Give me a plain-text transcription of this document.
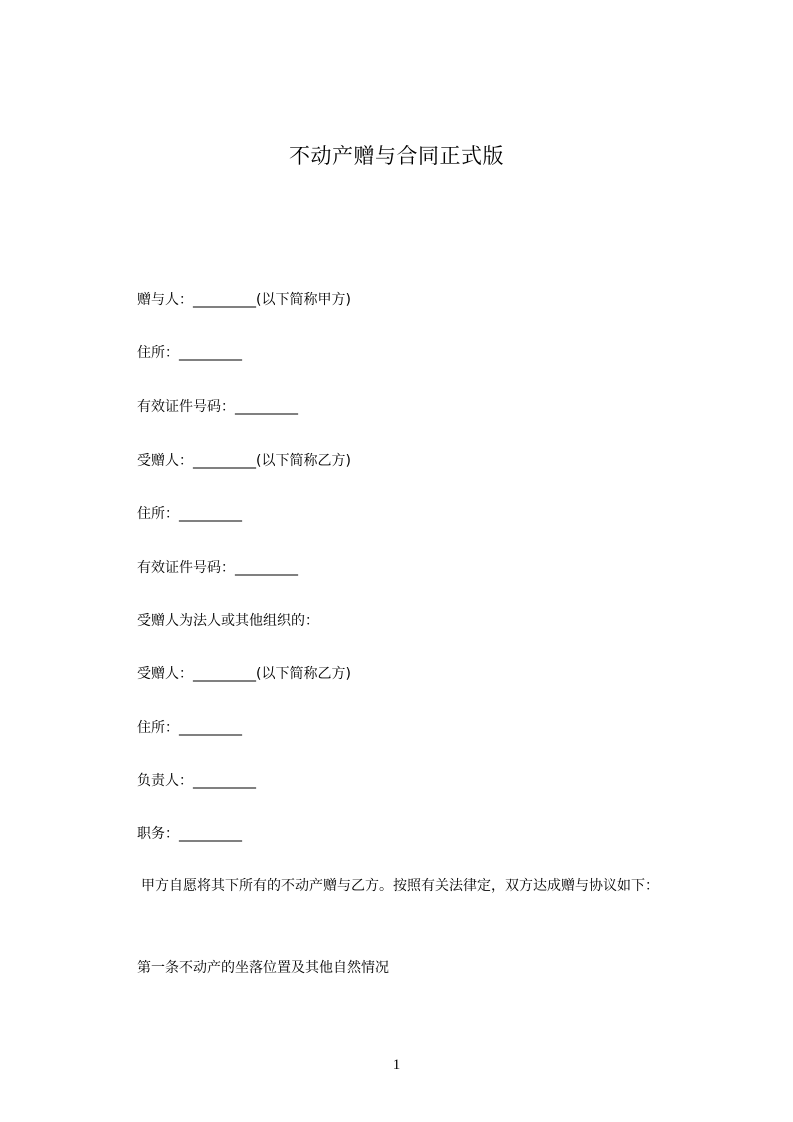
不动产赠与合同正式版
赠与人：_________(以下简称甲方)
住所：_________
有效证件号码：_________
受赠人：_________(以下简称乙方)
住所：_________
有效证件号码：_________
受赠人为法人或其他组织的：
受赠人：_________(以下简称乙方)
住所：_________
负责人：_________
职务：_________
甲方自愿将其下所有的不动产赠与乙方。按照有关法律定，双方达成赠与协议如下：
第一条不动产的坐落位置及其他自然情况
1
